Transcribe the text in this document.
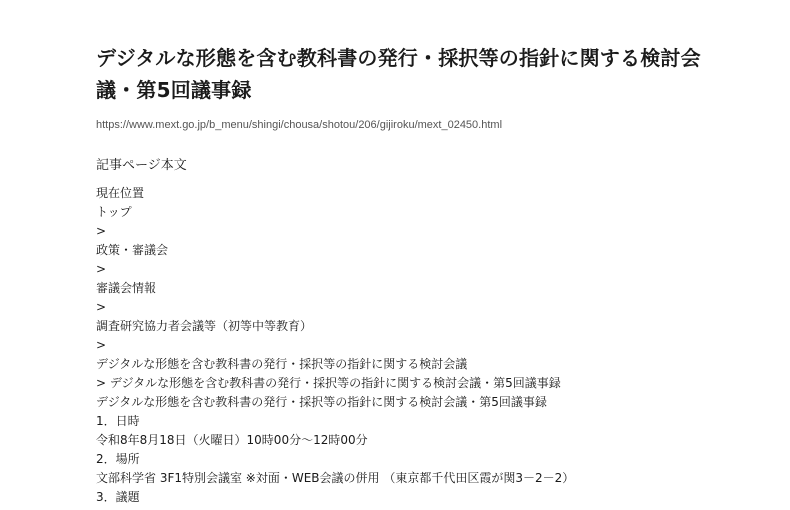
デジタルな形態を含む教科書の発行・採択等の指針に関する検討会議・第5回議事録
https://www.mext.go.jp/b_menu/shingi/chousa/shotou/206/gijiroku/mext_02450.html
記事ページ本文
現在位置
トップ
>
政策・審議会
>
審議会情報
>
調査研究協力者会議等（初等中等教育）
>
デジタルな形態を含む教科書の発行・採択等の指針に関する検討会議
> デジタルな形態を含む教科書の発行・採択等の指針に関する検討会議・第5回議事録
デジタルな形態を含む教科書の発行・採択等の指針に関する検討会議・第5回議事録
1．日時
令和8年8月18日（火曜日）10時00分～12時00分
2．場所
文部科学省 3F1特別会議室 ※対面・WEB会議の併用 （東京都千代田区霞が関3－2－2）
3．議題
